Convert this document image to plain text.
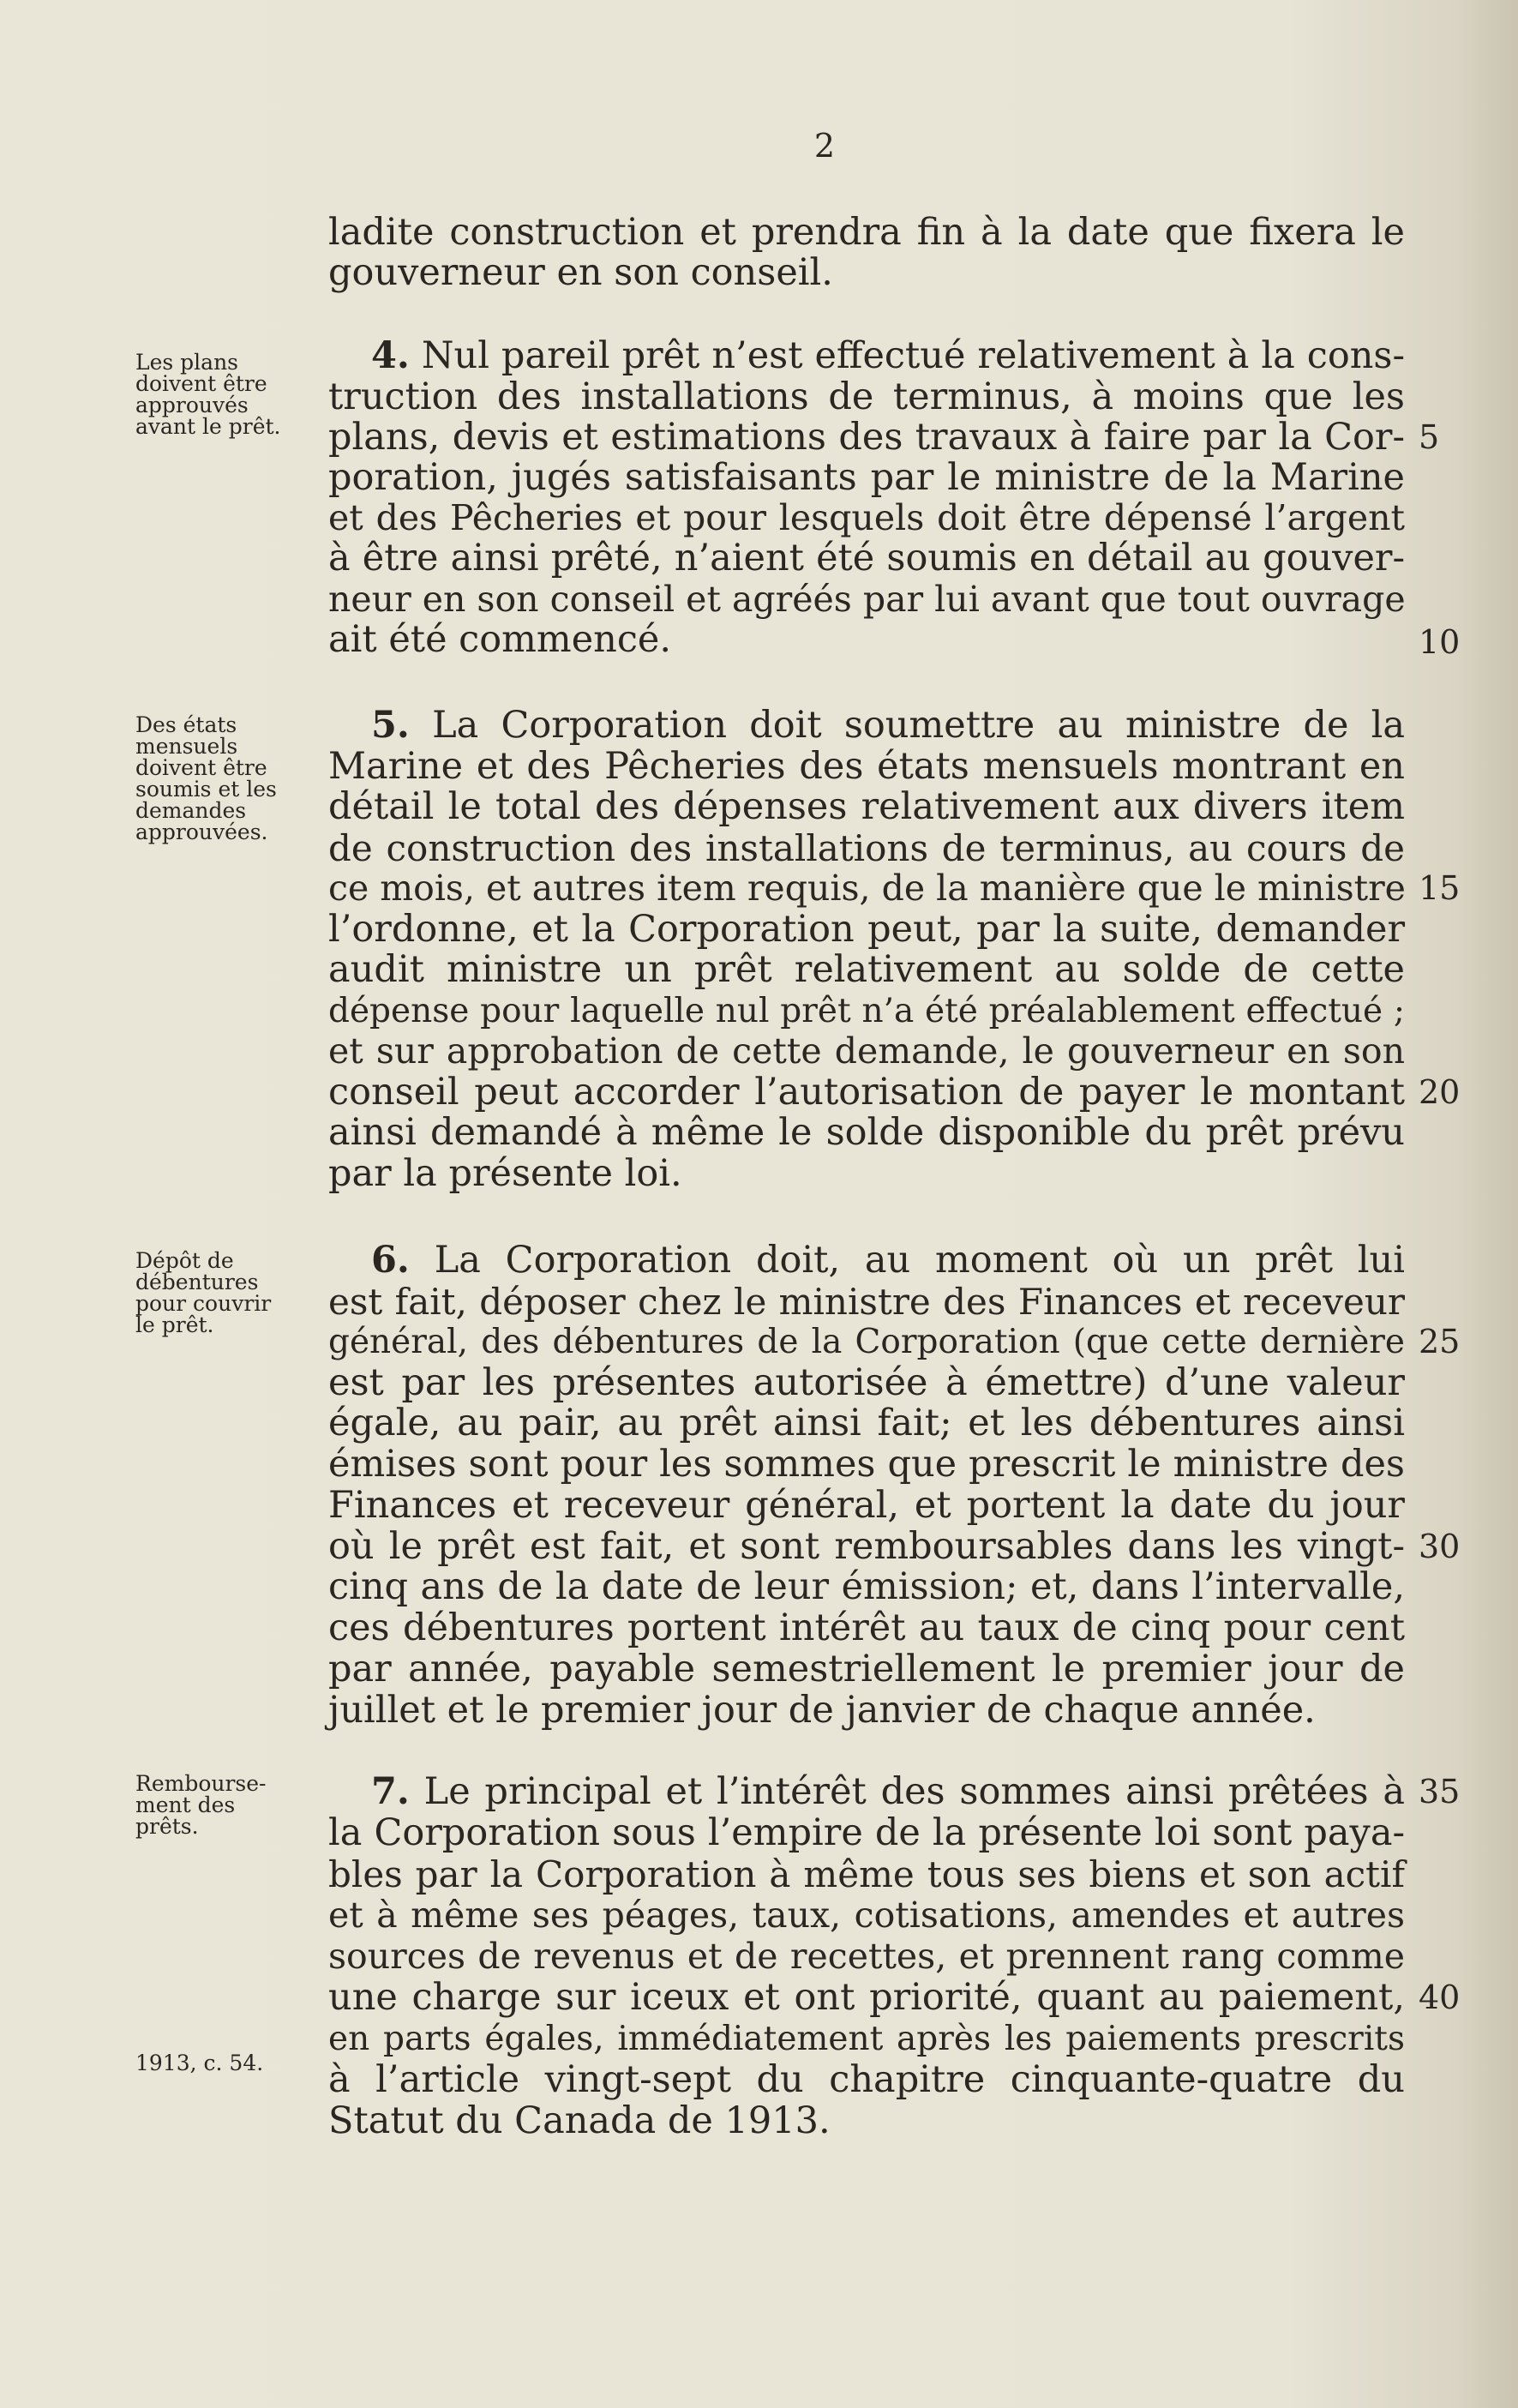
2
ladite construction et prendra fin à la date que fixera le
gouverneur en son conseil.
Les plans
doivent être
approuvés
avant le prêt.
4. Nul pareil prêt n’est effectué relativement à la cons-
truction des installations de terminus, à moins que les
plans, devis et estimations des travaux à faire par la Cor-
poration, jugés satisfaisants par le ministre de la Marine
et des Pêcheries et pour lesquels doit être dépensé l’argent
à être ainsi prêté, n’aient été soumis en détail au gouver-
neur en son conseil et agréés par lui avant que tout ouvrage
ait été commencé.
Des états
mensuels
doivent être
soumis et les
demandes
approuvées.
5. La Corporation doit soumettre au ministre de la
Marine et des Pêcheries des états mensuels montrant en
détail le total des dépenses relativement aux divers item
de construction des installations de terminus, au cours de
ce mois, et autres item requis, de la manière que le ministre
l’ordonne, et la Corporation peut, par la suite, demander
audit ministre un prêt relativement au solde de cette
dépense pour laquelle nul prêt n’a été préalablement effectué ;
et sur approbation de cette demande, le gouverneur en son
conseil peut accorder l’autorisation de payer le montant
ainsi demandé à même le solde disponible du prêt prévu
par la présente loi.
Dépôt de
débentures
pour couvrir
le prêt.
6. La Corporation doit, au moment où un prêt lui
est fait, déposer chez le ministre des Finances et receveur
général, des débentures de la Corporation (que cette dernière
est par les présentes autorisée à émettre) d’une valeur
égale, au pair, au prêt ainsi fait; et les débentures ainsi
émises sont pour les sommes que prescrit le ministre des
Finances et receveur général, et portent la date du jour
où le prêt est fait, et sont remboursables dans les vingt-
cinq ans de la date de leur émission; et, dans l’intervalle,
ces débentures portent intérêt au taux de cinq pour cent
par année, payable semestriellement le premier jour de
juillet et le premier jour de janvier de chaque année.
Rembourse-
ment des
prêts.
1913, c. 54.
7. Le principal et l’intérêt des sommes ainsi prêtées à
la Corporation sous l’empire de la présente loi sont paya-
bles par la Corporation à même tous ses biens et son actif
et à même ses péages, taux, cotisations, amendes et autres
sources de revenus et de recettes, et prennent rang comme
une charge sur iceux et ont priorité, quant au paiement,
en parts égales, immédiatement après les paiements prescrits
à l’article vingt-sept du chapitre cinquante-quatre du
Statut du Canada de 1913.
5
10
15
20
25
30
35
40
